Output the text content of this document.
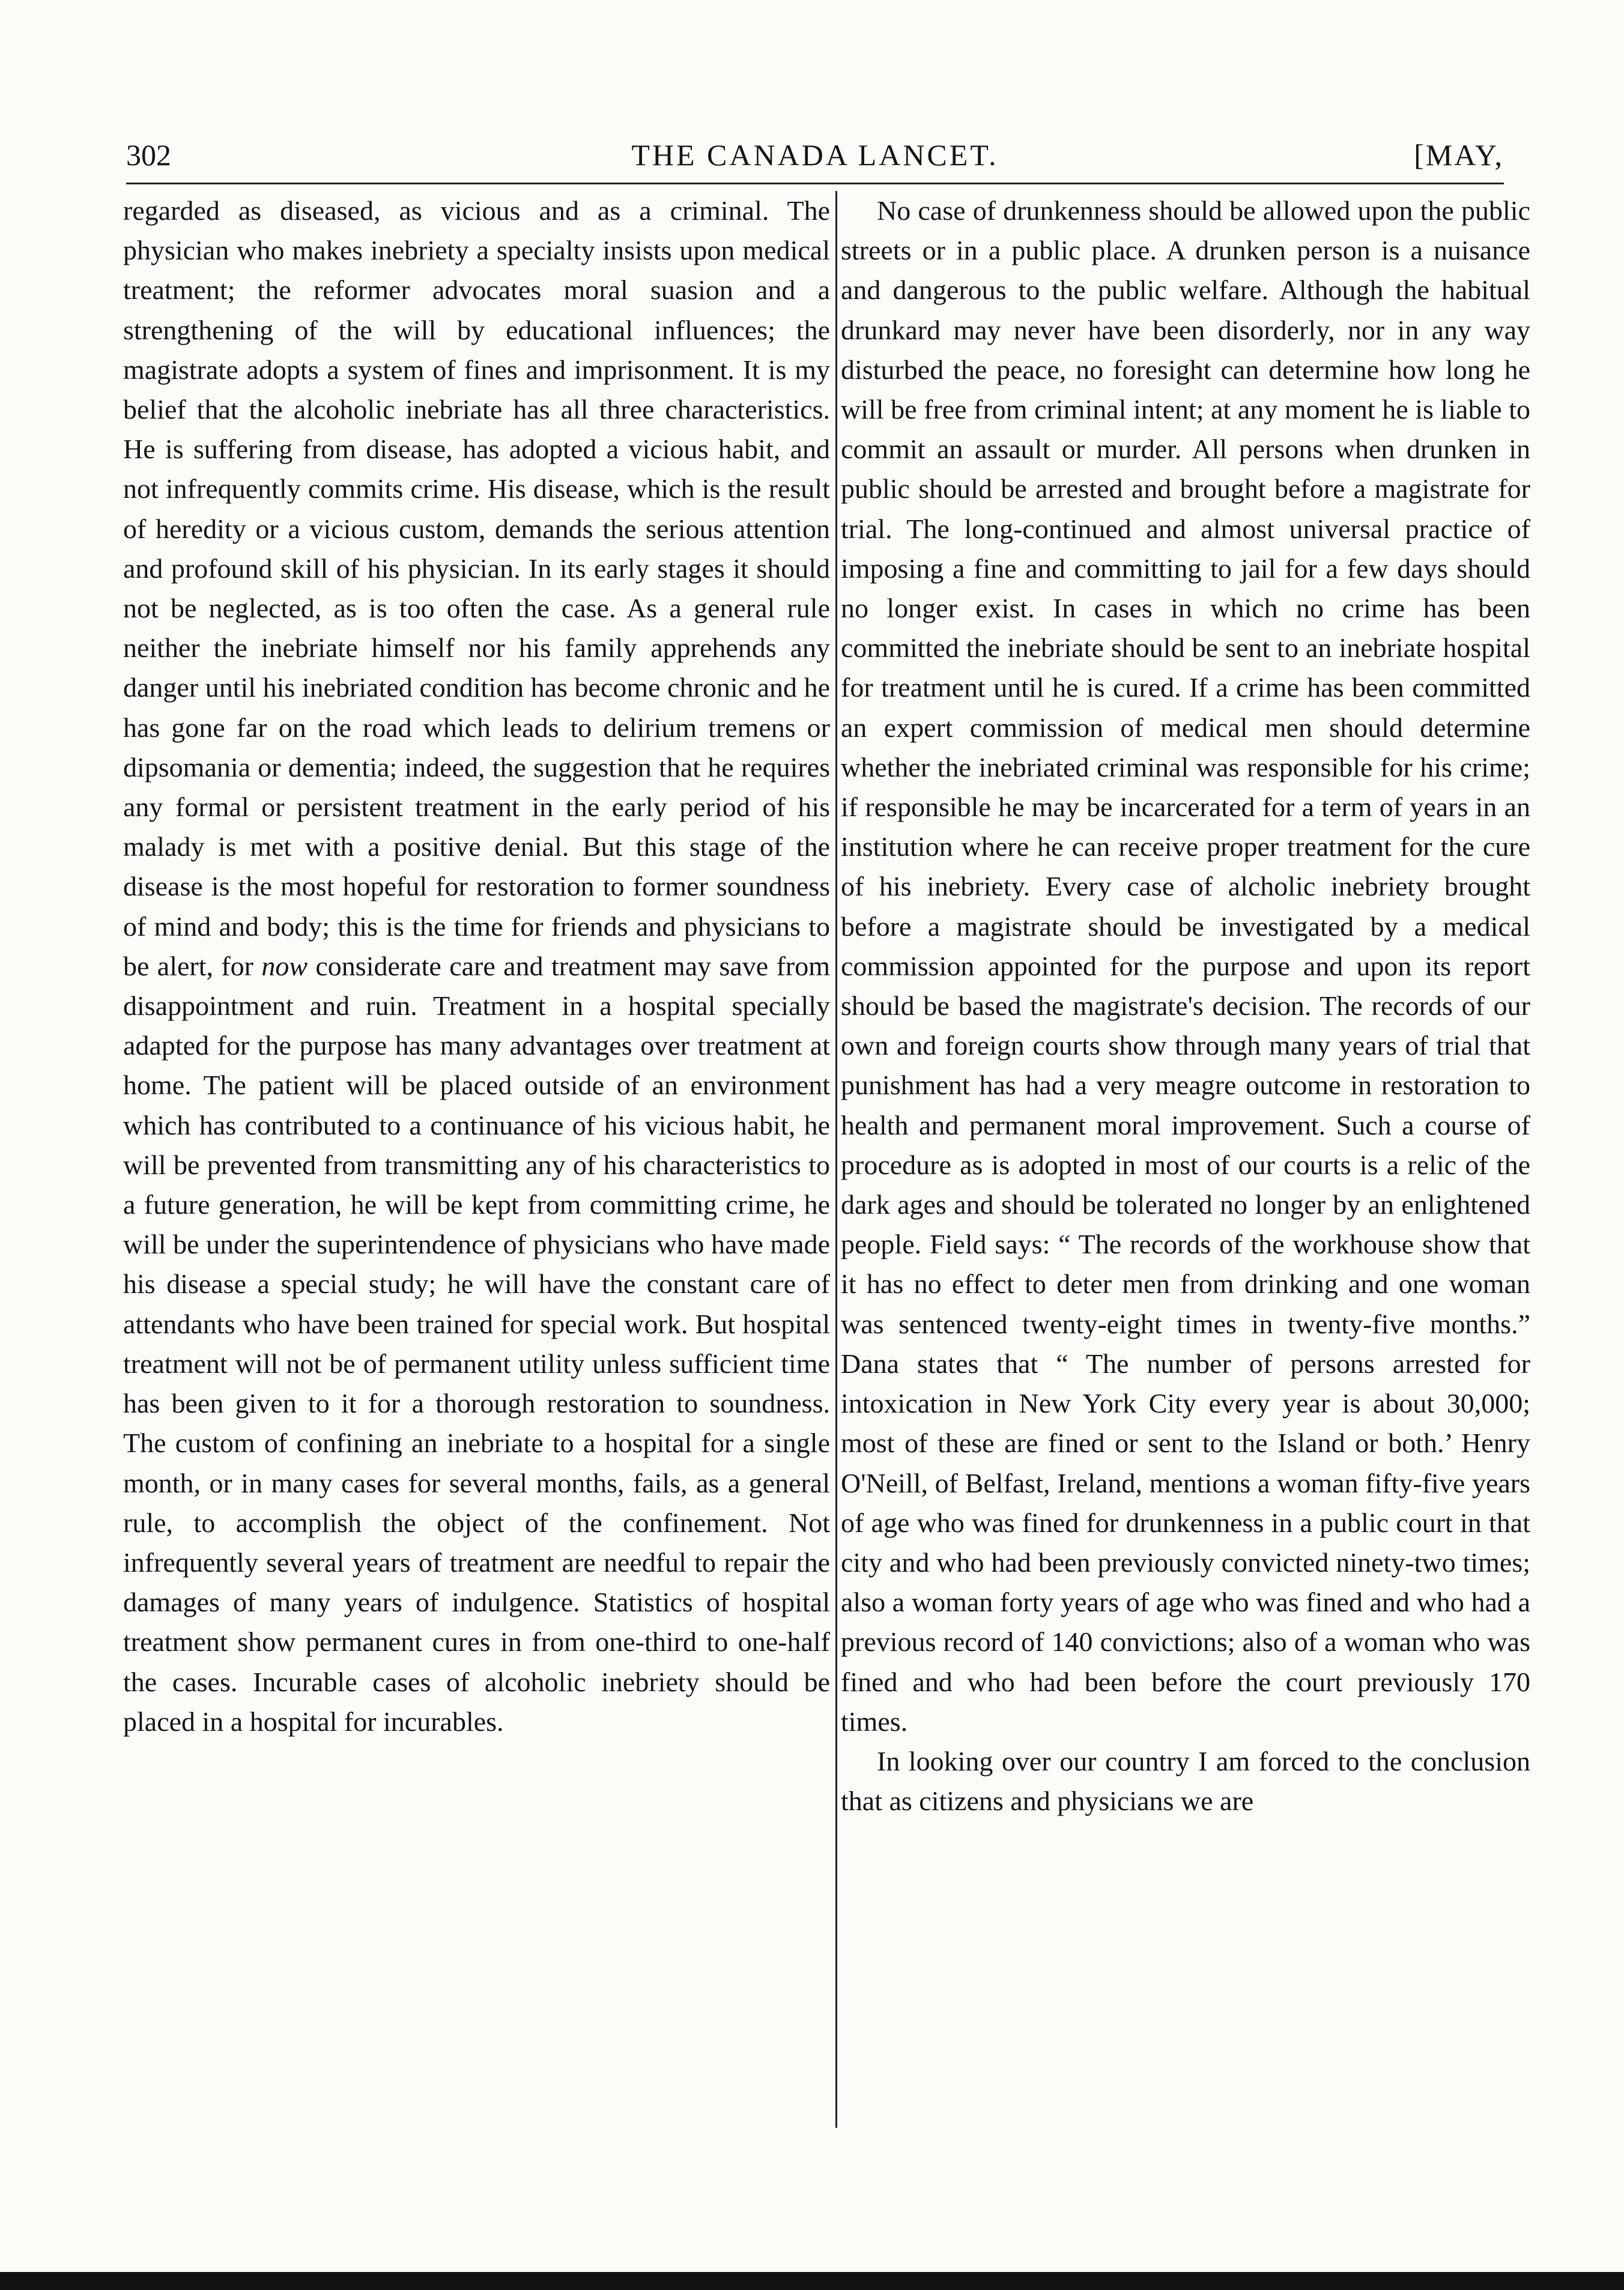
302	THE CANADA LANCET.	[MAY,

regarded as diseased, as vicious and as a criminal. The physician who makes inebriety a specialty insists upon medical treatment; the reformer advocates moral suasion and a strengthening of the will by educational influences; the magistrate adopts a system of fines and imprisonment. It is my belief that the alcoholic inebriate has all three characteristics. He is suffering from disease, has adopted a vicious habit, and not infrequently commits crime. His disease, which is the result of heredity or a vicious custom, demands the serious attention and profound skill of his physician. In its early stages it should not be neglected, as is too often the case. As a general rule neither the inebriate himself nor his family apprehends any danger until his inebriated condition has become chronic and he has gone far on the road which leads to delirium tremens or dipsomania or dementia; indeed, the suggestion that he requires any formal or persistent treatment in the early period of his malady is met with a positive denial. But this stage of the disease is the most hopeful for restoration to former soundness of mind and body; this is the time for friends and physicians to be alert, for now considerate care and treatment may save from disappointment and ruin. Treatment in a hospital specially adapted for the purpose has many advantages over treatment at home. The patient will be placed outside of an environment which has contributed to a continuance of his vicious habit, he will be prevented from transmitting any of his characteristics to a future generation, he will be kept from committing crime, he will be under the superintendence of physicians who have made his disease a special study; he will have the constant care of attendants who have been trained for special work. But hospital treatment will not be of permanent utility unless sufficient time has been given to it for a thorough restoration to soundness. The custom of confining an inebriate to a hospital for a single month, or in many cases for several months, fails, as a general rule, to accomplish the object of the confinement. Not infrequently several years of treatment are needful to repair the damages of many years of indulgence. Statistics of hospital treatment show permanent cures in from one-third to one-half the cases. Incurable cases of alcoholic inebriety should be placed in a hospital for incurables.

No case of drunkenness should be allowed upon the public streets or in a public place. A drunken person is a nuisance and dangerous to the public welfare. Although the habitual drunkard may never have been disorderly, nor in any way disturbed the peace, no foresight can determine how long he will be free from criminal intent; at any moment he is liable to commit an assault or murder. All persons when drunken in public should be arrested and brought before a magistrate for trial. The long-continued and almost universal practice of imposing a fine and committing to jail for a few days should no longer exist. In cases in which no crime has been committed the inebriate should be sent to an inebriate hospital for treatment until he is cured. If a crime has been committed an expert commission of medical men should determine whether the inebriated criminal was responsible for his crime; if responsible he may be incarcerated for a term of years in an institution where he can receive proper treatment for the cure of his inebriety. Every case of alcholic inebriety brought before a magistrate should be investigated by a medical commission appointed for the purpose and upon its report should be based the magistrate's decision. The records of our own and foreign courts show through many years of trial that punishment has had a very meagre outcome in restoration to health and permanent moral improvement. Such a course of procedure as is adopted in most of our courts is a relic of the dark ages and should be tolerated no longer by an enlightened people. Field says: “ The records of the workhouse show that it has no effect to deter men from drinking and one woman was sentenced twenty-eight times in twenty-five months.” Dana states that “ The number of persons arrested for intoxication in New York City every year is about 30,000; most of these are fined or sent to the Island or both.’ Henry O'Neill, of Belfast, Ireland, mentions a woman fifty-five years of age who was fined for drunkenness in a public court in that city and who had been previously convicted ninety-two times; also a woman forty years of age who was fined and who had a previous record of 140 convictions; also of a woman who was fined and who had been before the court previously 170 times.

In looking over our country I am forced to the conclusion that as citizens and physicians we are
